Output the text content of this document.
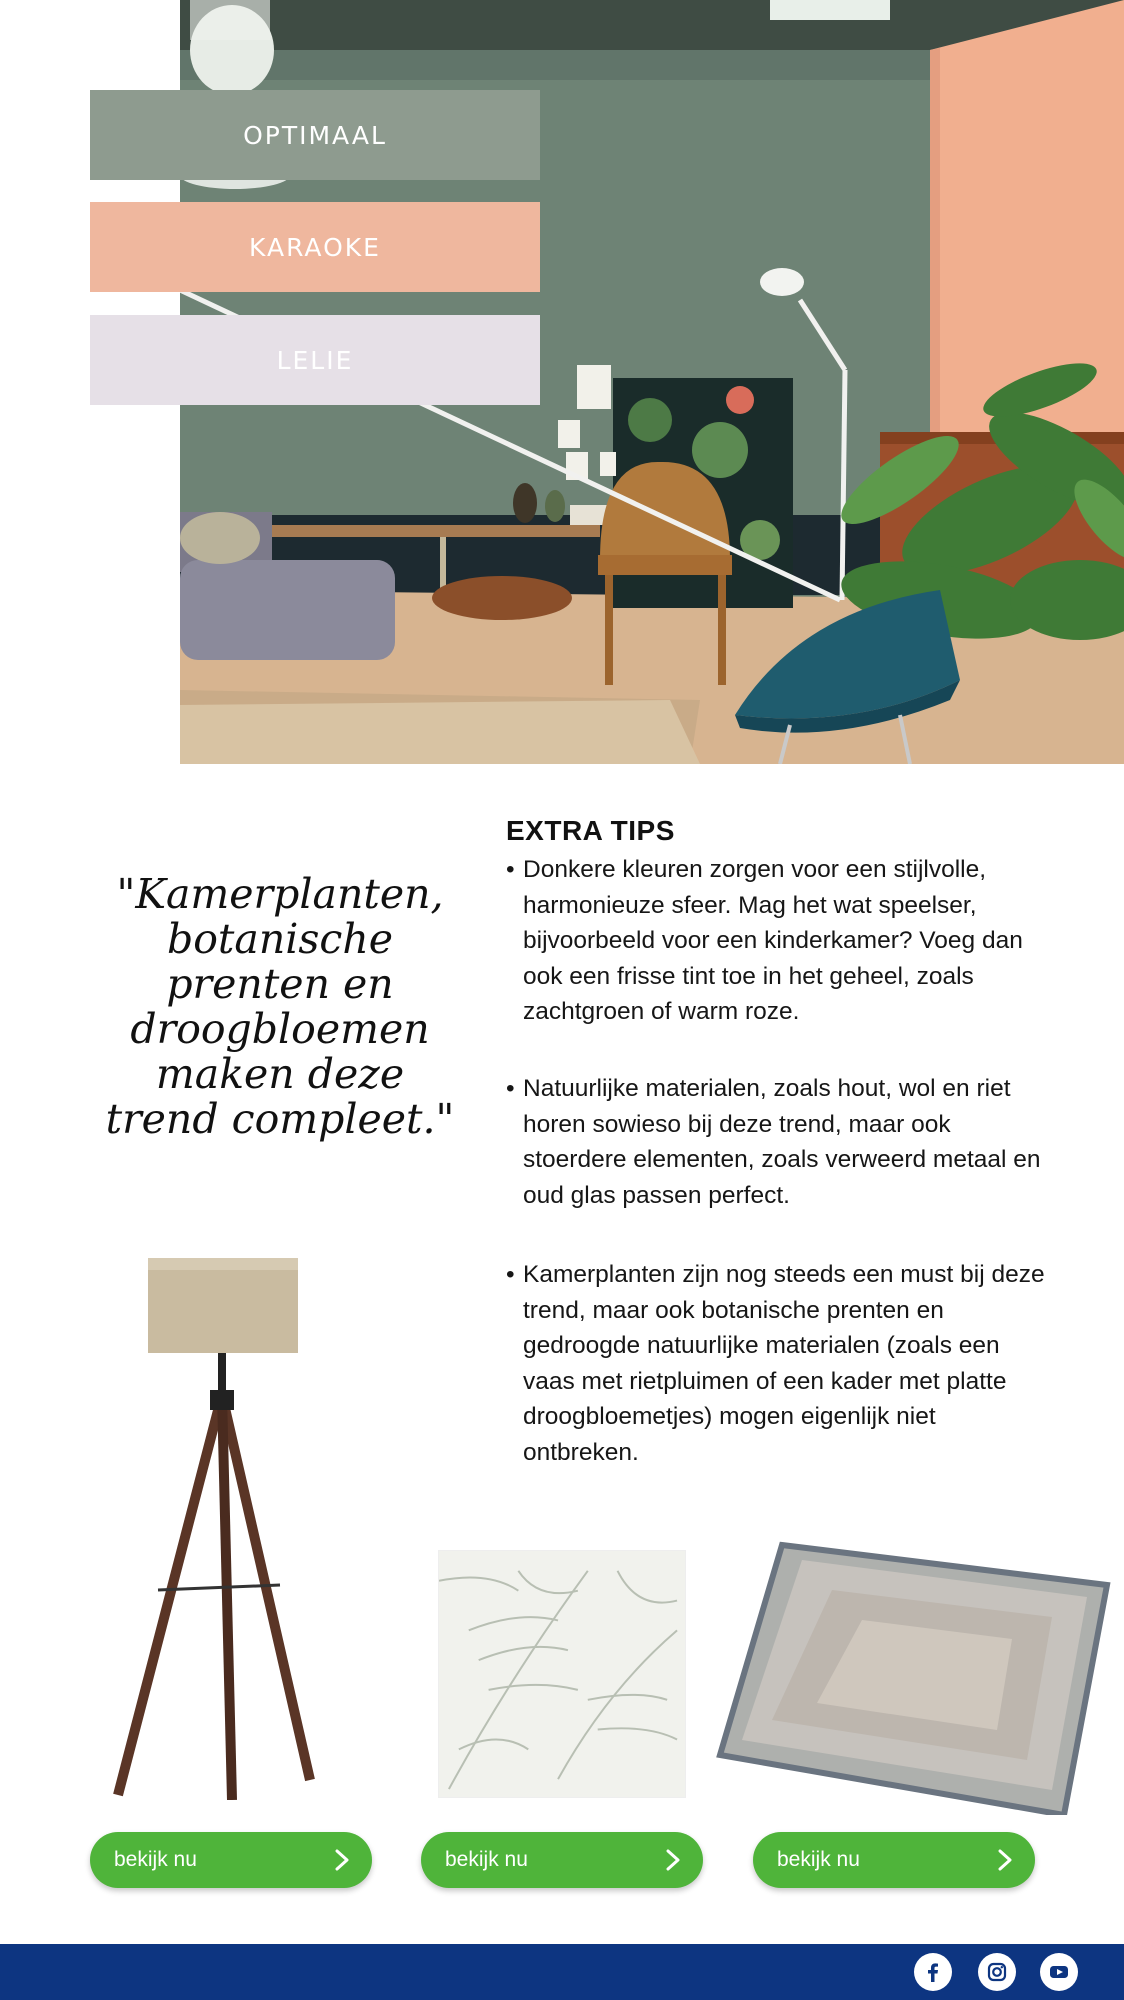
OPTIMAAL
KARAOKE
LELIE
"Kamerplanten, botanische prenten en droogbloemen maken deze trend compleet."
EXTRA TIPS
• Donkere kleuren zorgen voor een stijlvolle, harmonieuze sfeer. Mag het wat speelser, bijvoorbeeld voor een kinderkamer? Voeg dan ook een frisse tint toe in het geheel, zoals zachtgroen of warm roze.
• Natuurlijke materialen, zoals hout, wol en riet horen sowieso bij deze trend, maar ook stoerdere elementen, zoals verweerd metaal en oud glas passen perfect.
• Kamerplanten zijn nog steeds een must bij deze trend, maar ook botanische prenten en gedroogde natuurlijke materialen (zoals een vaas met rietpluimen of een kader met platte droogbloemetjes) mogen eigenlijk niet ontbreken.
bekijk nu	bekijk nu	bekijk nu
